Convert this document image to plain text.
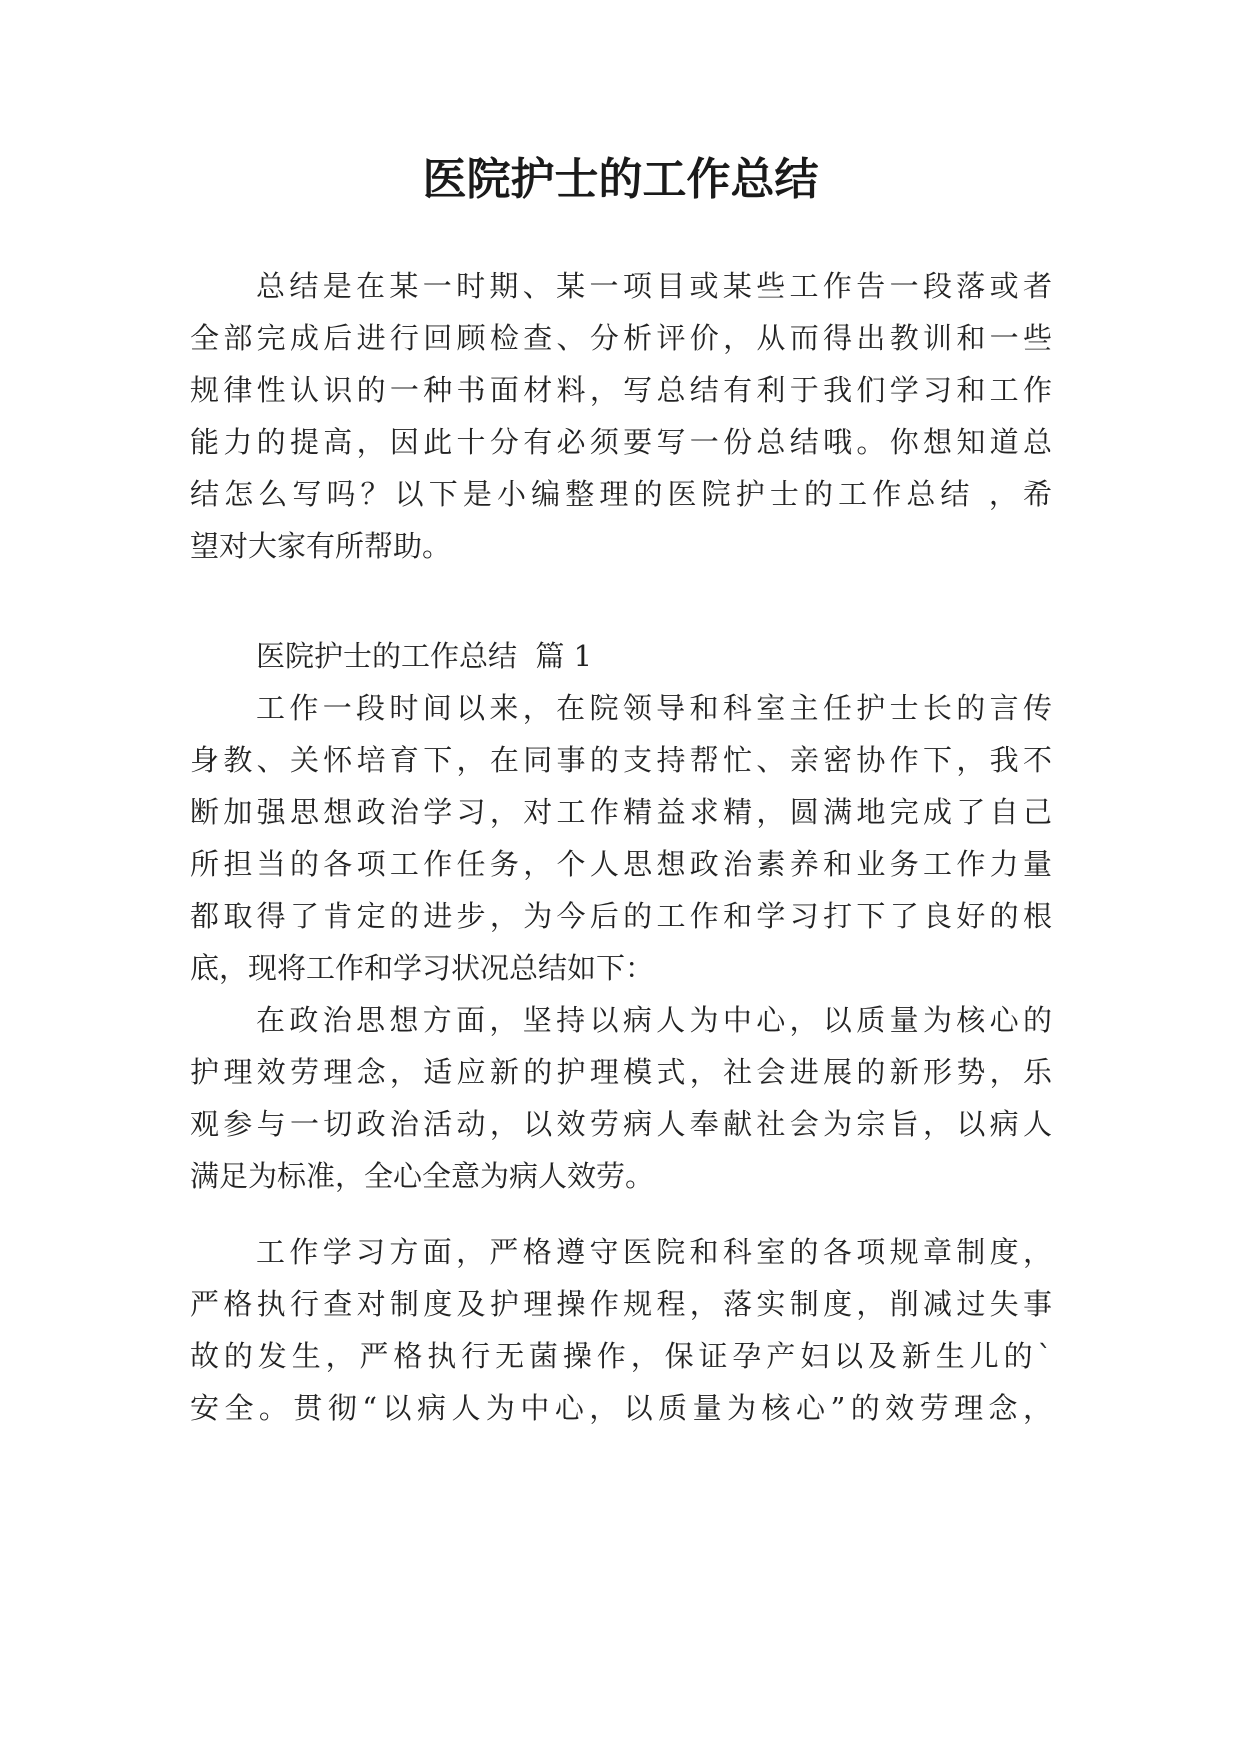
医院护士的工作总结
总结是在某一时期、某一项目或某些工作告一段落或者
全部完成后进行回顾检查、分析评价，从而得出教训和一些
规律性认识的一种书面材料，写总结有利于我们学习和工作
能力的提高，因此十分有必须要写一份总结哦。你想知道总
结怎么写吗？以下是小编整理的医院护士的工作总结 ，希
望对大家有所帮助。
医院护士的工作总结  篇 1
工作一段时间以来，在院领导和科室主任护士长的言传
身教、关怀培育下，在同事的支持帮忙、亲密协作下，我不
断加强思想政治学习，对工作精益求精，圆满地完成了自己
所担当的各项工作任务，个人思想政治素养和业务工作力量
都取得了肯定的进步，为今后的工作和学习打下了良好的根
底，现将工作和学习状况总结如下：
在政治思想方面，坚持以病人为中心，以质量为核心的
护理效劳理念，适应新的护理模式，社会进展的新形势，乐
观参与一切政治活动，以效劳病人奉献社会为宗旨，以病人
满足为标准，全心全意为病人效劳。
工作学习方面，严格遵守医院和科室的各项规章制度，
严格执行查对制度及护理操作规程，落实制度，削减过失事
故的发生，严格执行无菌操作，保证孕产妇以及新生儿的`
安全。贯彻“以病人为中心，以质量为核心”的效劳理念，
